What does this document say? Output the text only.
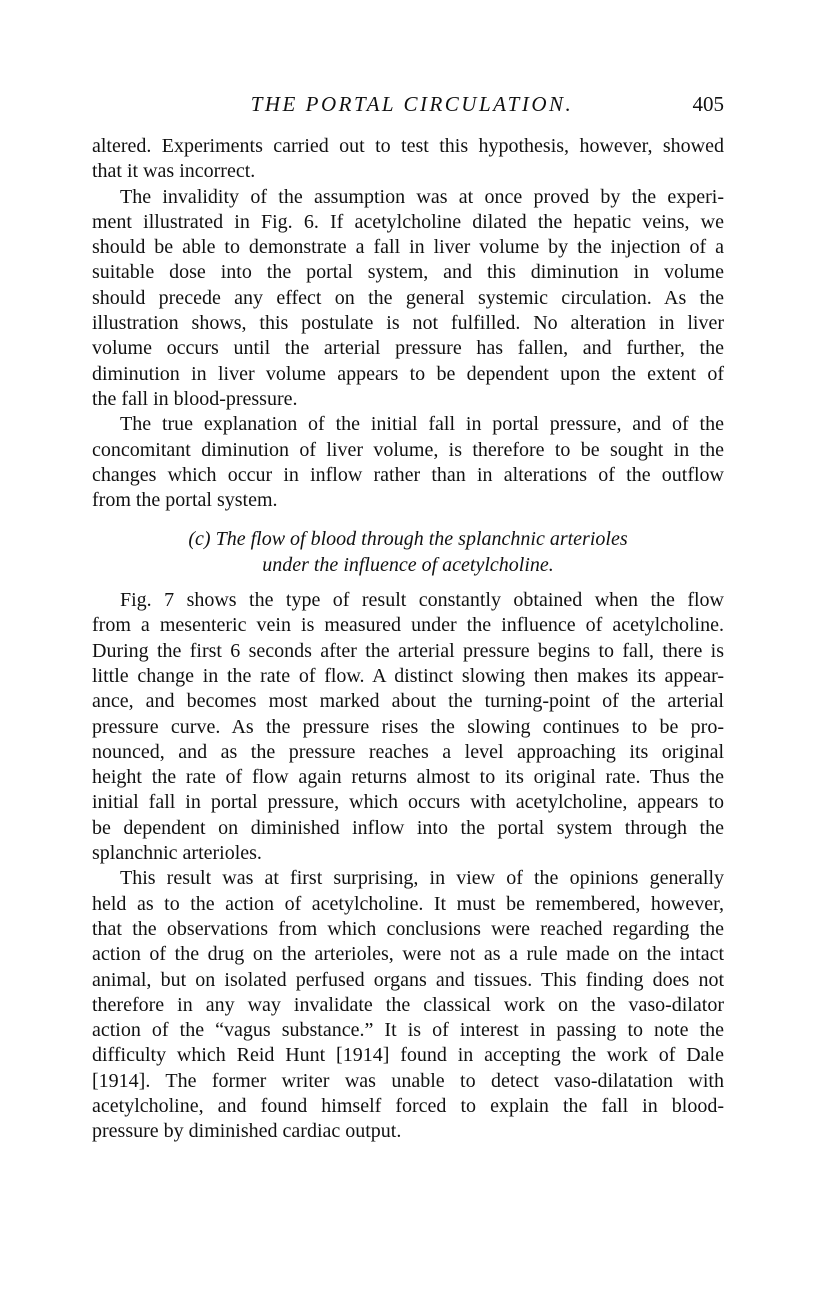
THE PORTAL CIRCULATION.	405
altered. Experiments carried out to test this hypothesis, however, showed
that it was incorrect.
The invalidity of the assumption was at once proved by the experi-
ment illustrated in Fig. 6. If acetylcholine dilated the hepatic veins, we
should be able to demonstrate a fall in liver volume by the injection of a
suitable dose into the portal system, and this diminution in volume
should precede any effect on the general systemic circulation. As the
illustration shows, this postulate is not fulfilled. No alteration in liver
volume occurs until the arterial pressure has fallen, and further, the
diminution in liver volume appears to be dependent upon the extent of
the fall in blood-pressure.
The true explanation of the initial fall in portal pressure, and of the
concomitant diminution of liver volume, is therefore to be sought in the
changes which occur in inflow rather than in alterations of the outflow
from the portal system.
(c) The flow of blood through the splanchnic arterioles
under the influence of acetylcholine.
Fig. 7 shows the type of result constantly obtained when the flow
from a mesenteric vein is measured under the influence of acetylcholine.
During the first 6 seconds after the arterial pressure begins to fall, there is
little change in the rate of flow. A distinct slowing then makes its appear-
ance, and becomes most marked about the turning-point of the arterial
pressure curve. As the pressure rises the slowing continues to be pro-
nounced, and as the pressure reaches a level approaching its original
height the rate of flow again returns almost to its original rate. Thus the
initial fall in portal pressure, which occurs with acetylcholine, appears to
be dependent on diminished inflow into the portal system through the
splanchnic arterioles.
This result was at first surprising, in view of the opinions generally
held as to the action of acetylcholine. It must be remembered, however,
that the observations from which conclusions were reached regarding the
action of the drug on the arterioles, were not as a rule made on the intact
animal, but on isolated perfused organs and tissues. This finding does not
therefore in any way invalidate the classical work on the vaso-dilator
action of the “vagus substance.” It is of interest in passing to note the
difficulty which Reid Hunt [1914] found in accepting the work of Dale
[1914]. The former writer was unable to detect vaso-dilatation with
acetylcholine, and found himself forced to explain the fall in blood-
pressure by diminished cardiac output.
